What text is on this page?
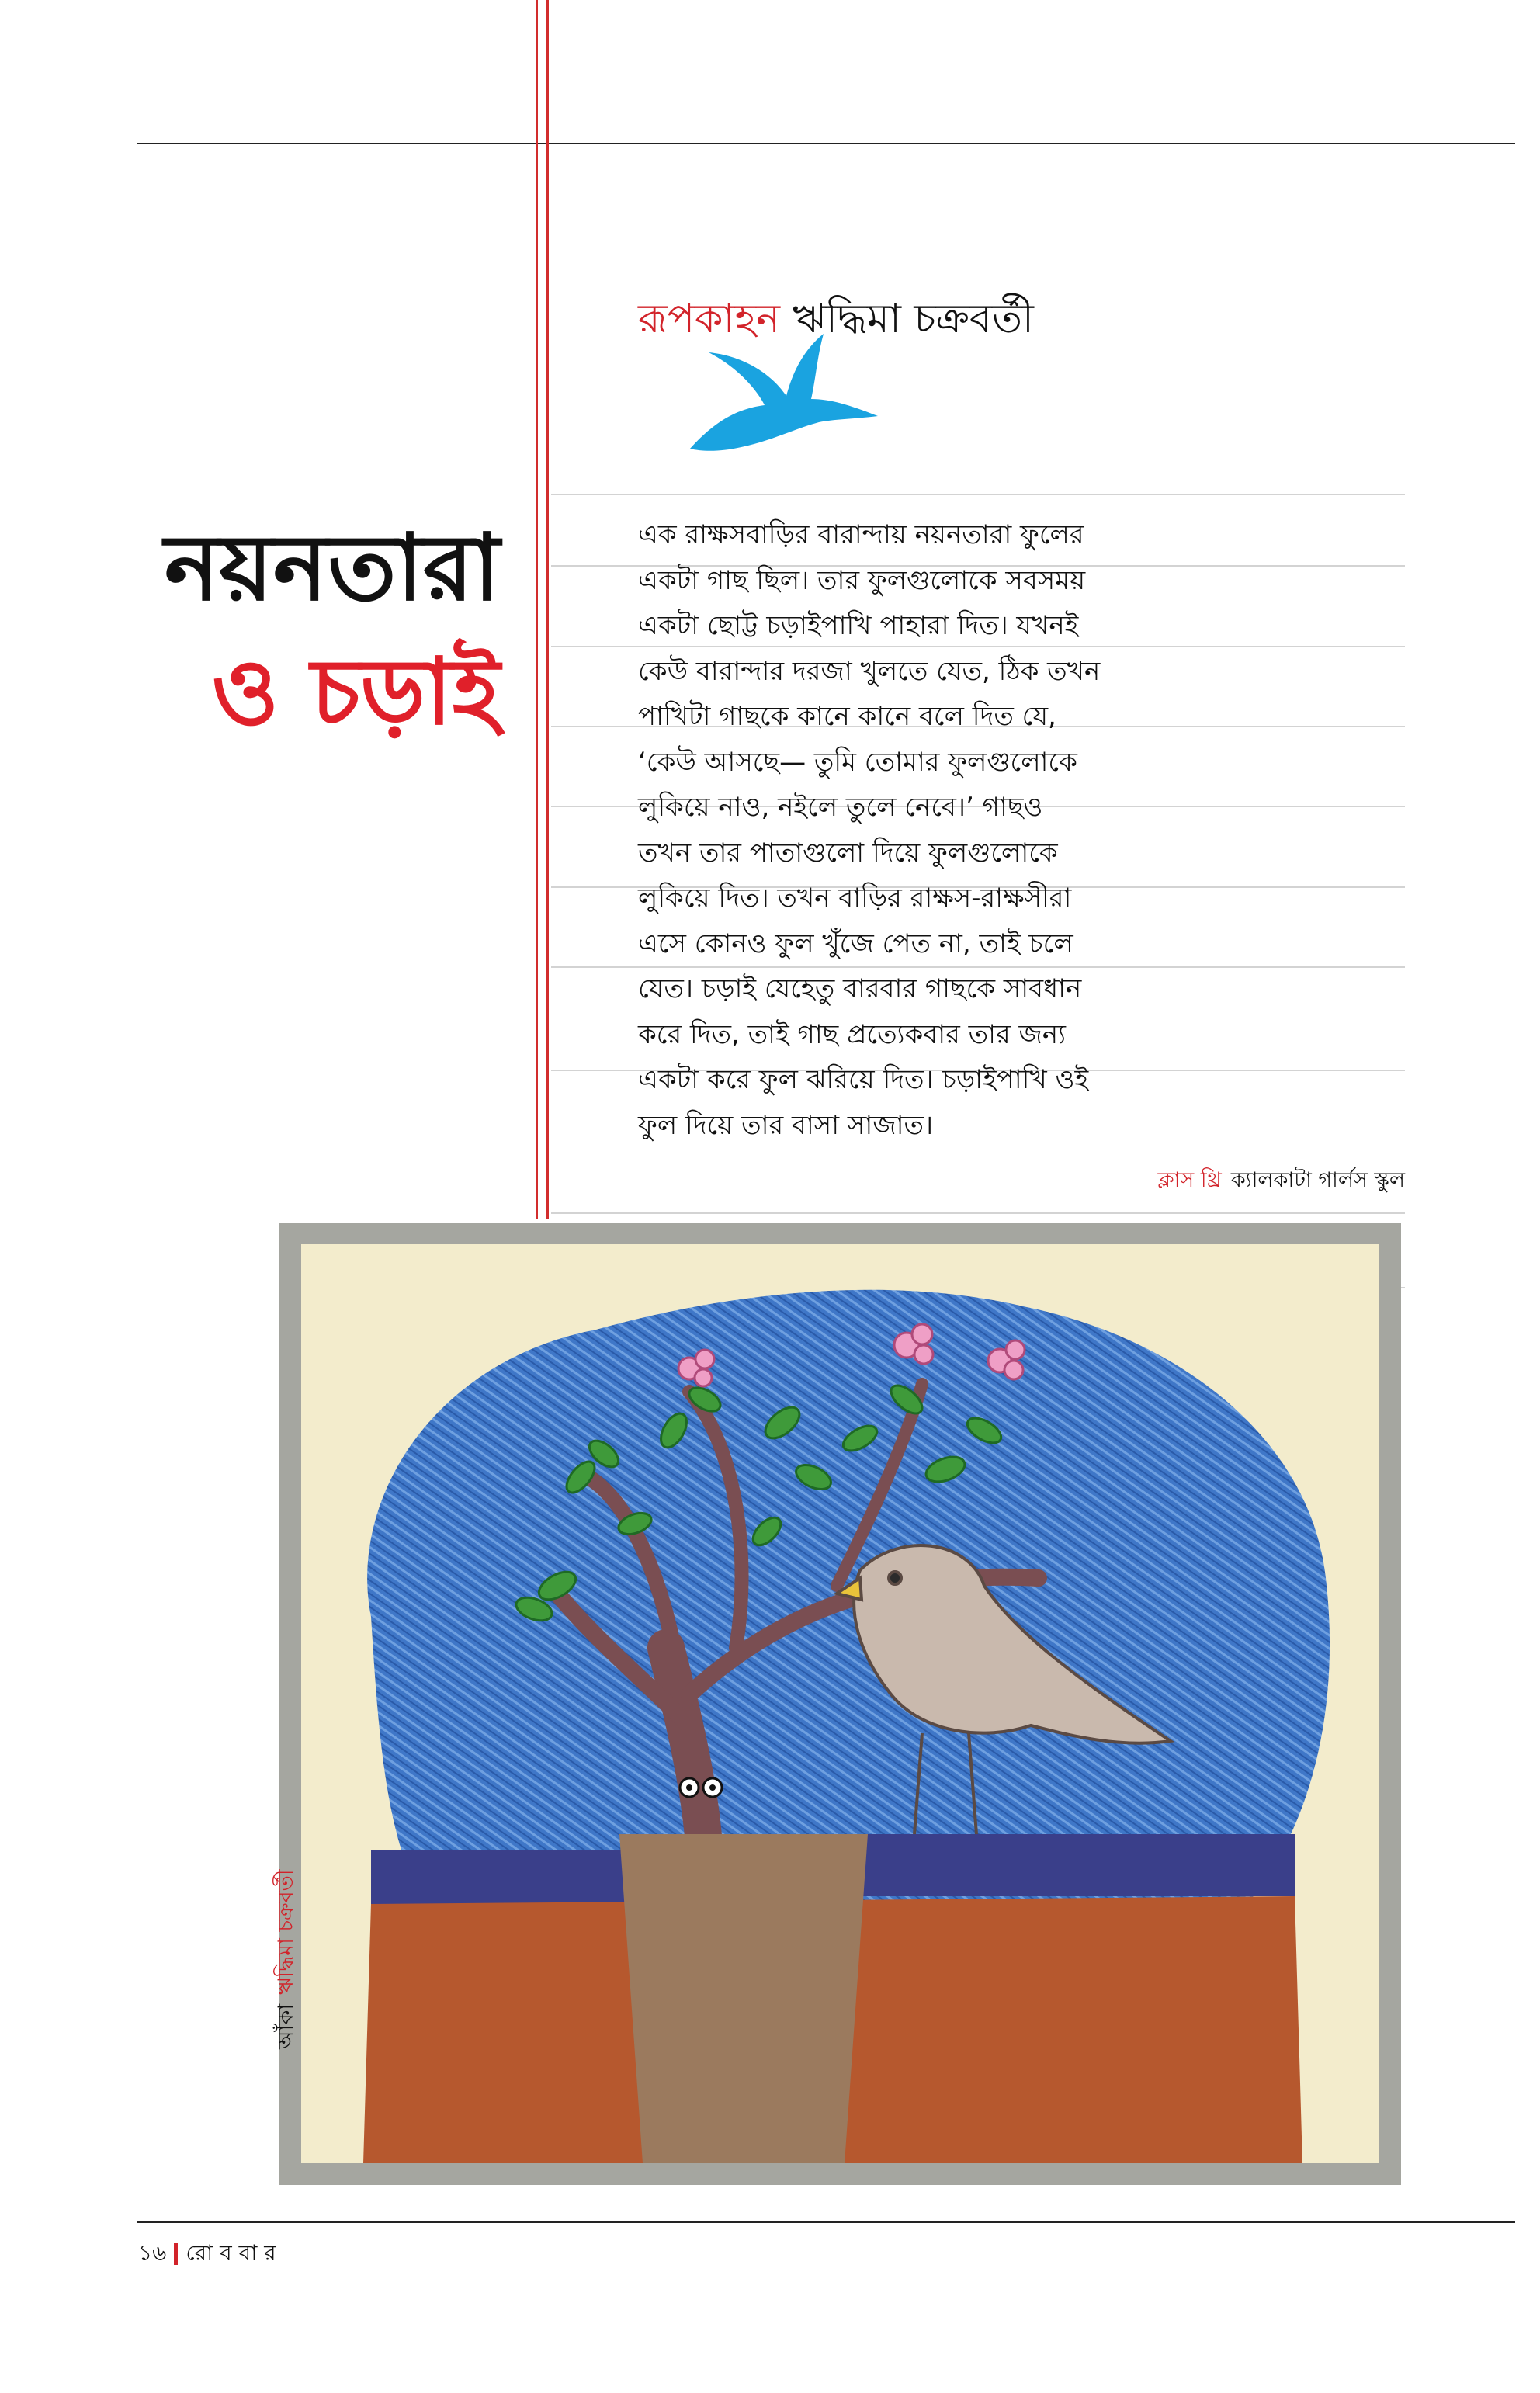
রূপকাহন ঋদ্ধিমা চক্রবর্তী
নয়নতারা
ও চড়াই

এক রাক্ষসবাড়ির বারান্দায় নয়নতারা ফুলের

একটা গাছ ছিল। তার ফুলগুলোকে সবসময়

একটা ছোট্ট চড়াইপাখি পাহারা দিত। যখনই

কেউ বারান্দার দরজা খুলতে যেত, ঠিক তখন

পাখিটা গাছকে কানে কানে বলে দিত যে,

‘কেউ আসছে— তুমি তোমার ফুলগুলোকে

লুকিয়ে নাও, নইলে তুলে নেবে।’ গাছও

তখন তার পাতাগুলো দিয়ে ফুলগুলোকে

লুকিয়ে দিত। তখন বাড়ির রাক্ষস-রাক্ষসীরা

এসে কোনও ফুল খুঁজে পেত না, তাই চলে

যেত। চড়াই যেহেতু বারবার গাছকে সাবধান

করে দিত, তাই গাছ প্রত্যেকবার তার জন্য

একটা করে ফুল ঝরিয়ে দিত। চড়াইপাখি ওই

ফুল দিয়ে তার বাসা সাজাত।

ক্লাস থ্রি ক্যালকাটা গার্লস স্কুল
আঁকাঋদ্ধিমা চক্রবর্তী
১৬ রো ব বা র
